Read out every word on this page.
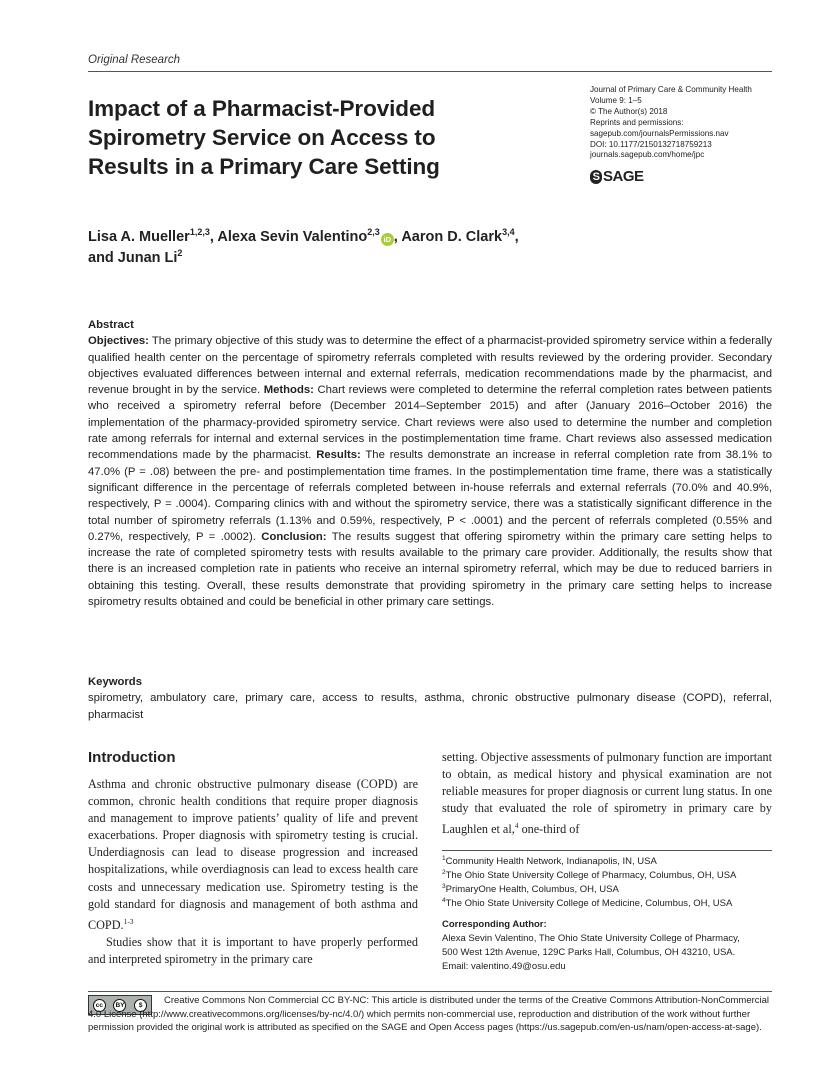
Original Research
Impact of a Pharmacist-Provided
Spirometry Service on Access to
Results in a Primary Care Setting
Journal of Primary Care & Community Health
Volume 9: 1–5
© The Author(s) 2018
Reprints and permissions:
sagepub.com/journalsPermissions.nav
DOI: 10.1177/2150132718759213
journals.sagepub.com/home/jpc
S SAGE
Lisa A. Mueller$^{1,2,3}$, Alexa Sevin Valentino$^{2,3}$iD , Aaron D. Clark$^{3,4}$,
and Junan Li$^2$
Abstract

Objectives: The primary objective of this study was to determine the effect of a pharmacist-provided spirometry service within a federally qualified health center on the percentage of spirometry referrals completed with results reviewed by the ordering provider. Secondary objectives evaluated differences between internal and external referrals, medication recommendations made by the pharmacist, and revenue brought in by the service. Methods: Chart reviews were completed to determine the referral completion rates between patients who received a spirometry referral before (December 2014–September 2015) and after (January 2016–October 2016) the implementation of the pharmacy-provided spirometry service. Chart reviews were also used to determine the number and completion rate among referrals for internal and external services in the postimplementation time frame. Chart reviews also assessed medication recommendations made by the pharmacist. Results: The results demonstrate an increase in referral completion rate from 38.1% to 47.0% (P = .08) between the pre- and postimplementation time frames. In the postimplementation time frame, there was a statistically significant difference in the percentage of referrals completed between in-house referrals and external referrals (70.0% and 40.9%, respectively, P = .0004). Comparing clinics with and without the spirometry service, there was a statistically significant difference in the total number of spirometry referrals (1.13% and 0.59%, respectively, P < .0001) and the percent of referrals completed (0.55% and 0.27%, respectively, P = .0002). Conclusion: The results suggest that offering spirometry within the primary care setting helps to increase the rate of completed spirometry tests with results available to the primary care provider. Additionally, the results show that there is an increased completion rate in patients who receive an internal spirometry referral, which may be due to reduced barriers in obtaining this testing. Overall, these results demonstrate that providing spirometry in the primary care setting helps to increase spirometry results obtained and could be beneficial in other primary care settings.

Keywords

spirometry, ambulatory care, primary care, access to results, asthma, chronic obstructive pulmonary disease (COPD), referral, pharmacist

Introduction

Asthma and chronic obstructive pulmonary disease (COPD) are common, chronic health conditions that require proper diagnosis and management to improve patients’ quality of life and prevent exacerbations. Proper diagnosis with spirometry testing is crucial. Underdiagnosis can lead to disease progression and increased hospitalizations, while overdiagnosis can lead to excess health care costs and unnecessary medication use. Spirometry testing is the gold standard for diagnosis and management of both asthma and COPD.$^{1-3}$

Studies show that it is important to have properly performed and interpreted spirometry in the primary care

setting. Objective assessments of pulmonary function are important to obtain, as medical history and physical examination are not reliable measures for proper diagnosis or current lung status. In one study that evaluated the role of spirometry in primary care by Laughlen et al,$^4$ one-third of

$^1$Community Health Network, Indianapolis, IN, USA
$^2$The Ohio State University College of Pharmacy, Columbus, OH, USA
$^3$PrimaryOne Health, Columbus, OH, USA
$^4$The Ohio State University College of Medicine, Columbus, OH, USA
Corresponding Author:
Alexa Sevin Valentino, The Ohio State University College of Pharmacy,
500 West 12th Avenue, 129C Parks Hall, Columbus, OH 43210, USA.
Email: valentino.49@osu.edu
cc	BY	$	Creative Commons Non Commercial CC BY-NC: This article is distributed under the terms of the Creative Commons Attribution-NonCommercial 4.0 License (http://www.creativecommons.org/licenses/by-nc/4.0/) which permits non-commercial use, reproduction and distribution of the work without further permission provided the original work is attributed as specified on the SAGE and Open Access pages (https://us.sagepub.com/en-us/nam/open-access-at-sage).
